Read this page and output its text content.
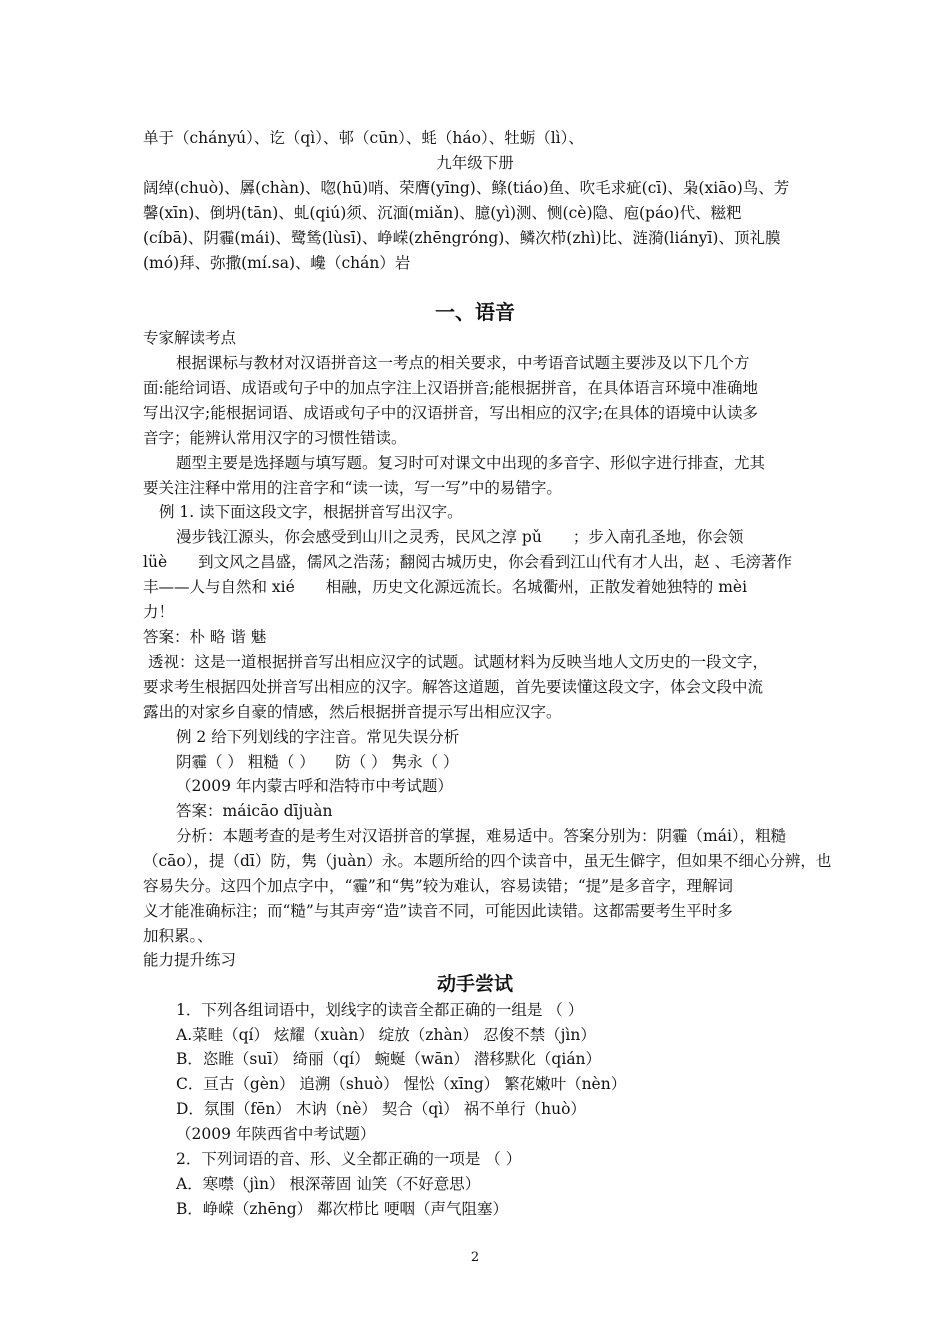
单于（chányú）、讫（qì）、邨（cūn）、蚝（háo）、牡蛎（lì）、
九年级下册
阔绰(chuò)、羼(chàn)、唿(hū)哨、荣膺(yīng)、鲦(tiáo)鱼、吹毛求疵(cī)、枭(xiāo)鸟、芳
馨(xīn)、倒坍(tān)、虬(qiú)须、沉湎(miǎn)、臆(yì)测、恻(cè)隐、庖(páo)代、糍粑
(cíbā)、阴霾(mái)、鹭鸶(lùsī)、峥嵘(zhēngróng)、鳞次栉(zhì)比、涟漪(liányī)、顶礼膜
(mó)拜、弥撒(mí.sa)、巉（chán）岩
一、语音
专家解读考点
根据课标与教材对汉语拼音这一考点的相关要求，中考语音试题主要涉及以下几个方
面:能给词语、成语或句子中的加点字注上汉语拼音;能根据拼音，在具体语言环境中准确地
写出汉字;能根据词语、成语或句子中的汉语拼音，写出相应的汉字;在具体的语境中认读多
音字；能辨认常用汉字的习惯性错读。
题型主要是选择题与填写题。复习时可对课文中出现的多音字、形似字进行排查，尤其
要关注注释中常用的注音字和“读一读，写一写”中的易错字。
例 1. 读下面这段文字，根据拼音写出汉字。
漫步钱江源头，你会感受到山川之灵秀，民风之淳 pǔ　　；步入南孔圣地，你会领
lüè　　到文风之昌盛，儒风之浩荡；翻阅古城历史，你会看到江山代有才人出，赵 、毛滂著作
丰——人与自然和 xié　　相融，历史文化源远流长。名城衢州，正散发着她独特的 mèi
力！
答案：朴 略 谐 魅
透视：这是一道根据拼音写出相应汉字的试题。试题材料为反映当地人文历史的一段文字，
要求考生根据四处拼音写出相应的汉字。解答这道题，首先要读懂这段文字，体会文段中流
露出的对家乡自豪的情感，然后根据拼音提示写出相应汉字。
例 2 给下列划线的字注音。常见失误分析
阴霾（ ） 粗糙（ ） 　防（ ） 隽永（ ）
（2009 年内蒙古呼和浩特市中考试题）
答案：máicāo dījuàn
分析：本题考查的是考生对汉语拼音的掌握，难易适中。答案分别为：阴霾（mái），粗糙
（cāo），提（dī）防，隽（juàn）永。本题所给的四个读音中，虽无生僻字，但如果不细心分辨，也
容易失分。这四个加点字中，“霾”和“隽”较为难认，容易读错；“提”是多音字，理解词
义才能准确标注；而“糙”与其声旁“造”读音不同，可能因此读错。这都需要考生平时多
加积累。、
能力提升练习
动手尝试
1．下列各组词语中，划线字的读音全都正确的一组是 （ ）
A.菜畦（qí） 炫耀（xuàn） 绽放（zhàn） 忍俊不禁（jìn）
B．恣睢（suī） 绮丽（qí） 蜿蜒（wān） 潜移默化（qián）
C．亘古（gèn） 追溯（shuò） 惺忪（xīng） 繁花嫩叶（nèn）
D．氛围（fēn） 木讷（nè） 契合（qì） 祸不单行（huò）
（2009 年陕西省中考试题）
2．下列词语的音、形、义全都正确的一项是 （ ）
A．寒噤（jìn） 根深蒂固 讪笑（不好意思）
B．峥嵘（zhēng） 鄰次栉比 哽咽（声气阻塞）
2
